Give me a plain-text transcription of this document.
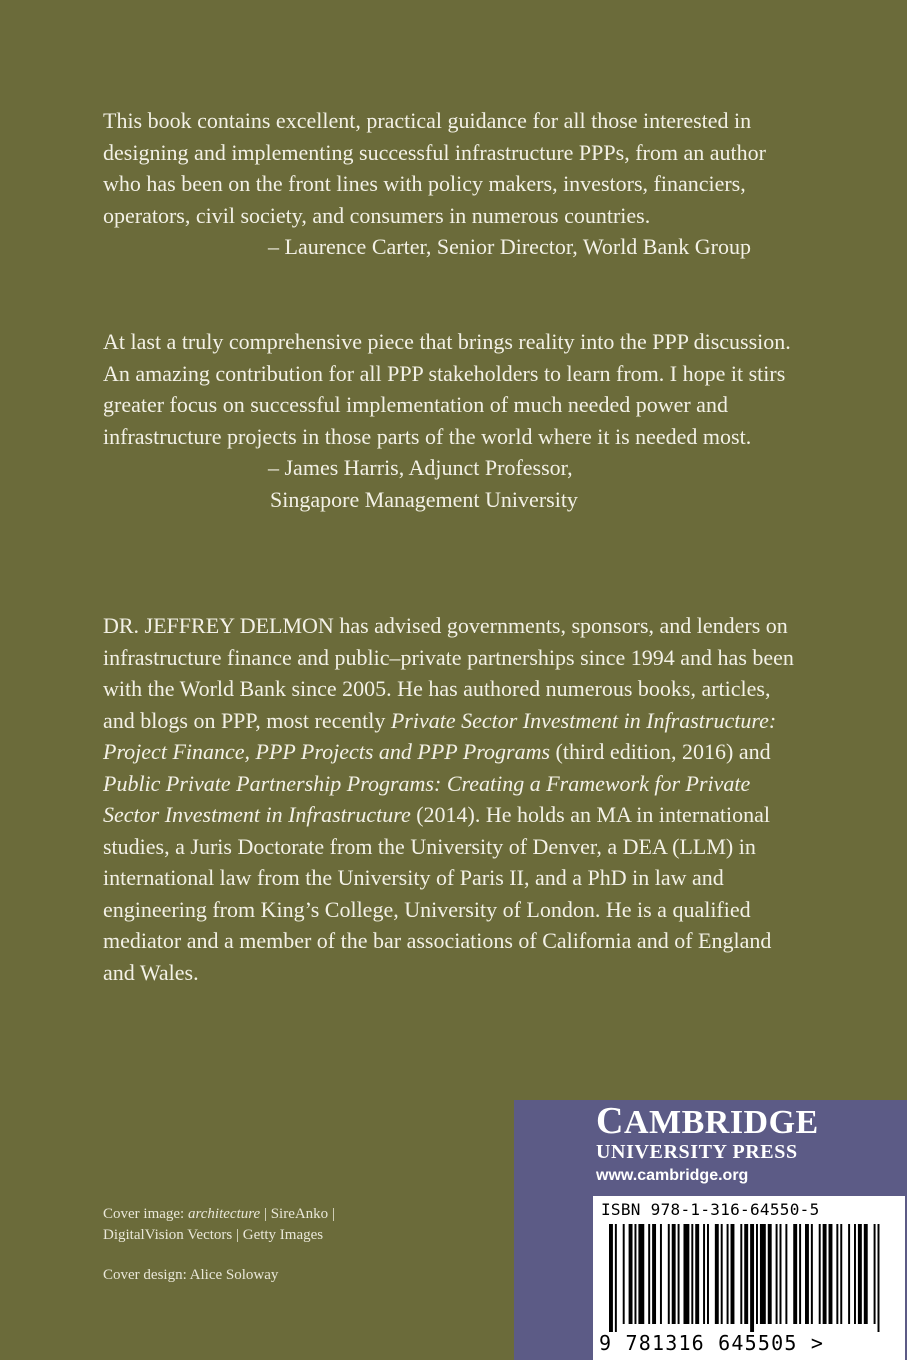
This book contains excellent, practical guidance for all those interested in designing and implementing successful infrastructure PPPs, from an author who has been on the front lines with policy makers, investors, financiers, operators, civil society, and consumers in numerous countries.

– Laurence Carter, Senior Director, World Bank Group

At last a truly comprehensive piece that brings reality into the PPP discussion. An amazing contribution for all PPP stakeholders to learn from. I hope it stirs greater focus on successful implementation of much needed power and infrastructure projects in those parts of the world where it is needed most.

– James Harris, Adjunct Professor,

Singapore Management University

DR. JEFFREY DELMON has advised governments, sponsors, and lenders on infrastructure finance and public–private partnerships since 1994 and has been with the World Bank since 2005. He has authored numerous books, articles, and blogs on PPP, most recently Private Sector Investment in Infrastructure: Project Finance, PPP Projects and PPP Programs (third edition, 2016) and Public Private Partnership Programs: Creating a Framework for Private Sector Investment in Infrastructure (2014). He holds an MA in international studies, a Juris Doctorate from the University of Denver, a DEA (LLM) in international law from the University of Paris II, and a PhD in law and engineering from King’s College, University of London. He is a qualified mediator and a member of the bar associations of California and of England and Wales.

Cover image: architecture | SireAnko |
DigitalVision Vectors | Getty Images

Cover design: Alice Soloway

CAMBRIDGE
UNIVERSITY PRESS
www.cambridge.org
ISBN 978-1-316-64550-5
9 781316 645505 >
